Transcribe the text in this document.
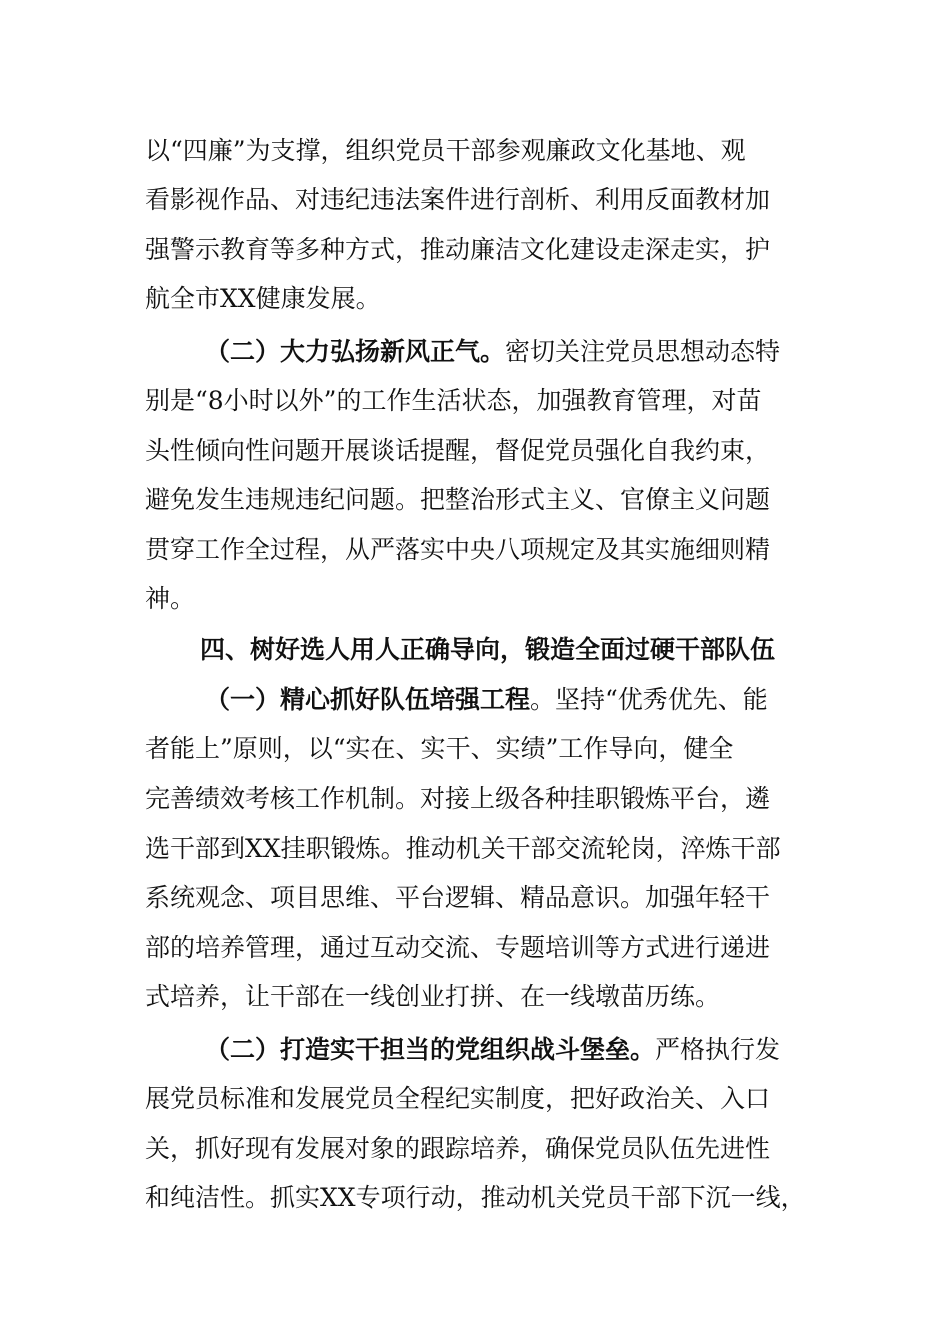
以“四廉”为支撑，组织党员干部参观廉政文化基地、观
看影视作品、对违纪违法案件进行剖析、利用反面教材加
强警示教育等多种方式，推动廉洁文化建设走深走实，护
航全市XX健康发展。
（二）大力弘扬新风正气。密切关注党员思想动态特
别是“8小时以外”的工作生活状态，加强教育管理，对苗
头性倾向性问题开展谈话提醒，督促党员强化自我约束，
避免发生违规违纪问题。把整治形式主义、官僚主义问题
贯穿工作全过程，从严落实中央八项规定及其实施细则精
神。
四、树好选人用人正确导向，锻造全面过硬干部队伍
（一）精心抓好队伍培强工程。坚持“优秀优先、能
者能上”原则，以“实在、实干、实绩”工作导向，健全
完善绩效考核工作机制。对接上级各种挂职锻炼平台，遴
选干部到XX挂职锻炼。推动机关干部交流轮岗，淬炼干部
系统观念、项目思维、平台逻辑、精品意识。加强年轻干
部的培养管理，通过互动交流、专题培训等方式进行递进
式培养，让干部在一线创业打拼、在一线墩苗历练。
（二）打造实干担当的党组织战斗堡垒。严格执行发
展党员标准和发展党员全程纪实制度，把好政治关、入口
关，抓好现有发展对象的跟踪培养，确保党员队伍先进性
和纯洁性。抓实XX专项行动，推动机关党员干部下沉一线，
